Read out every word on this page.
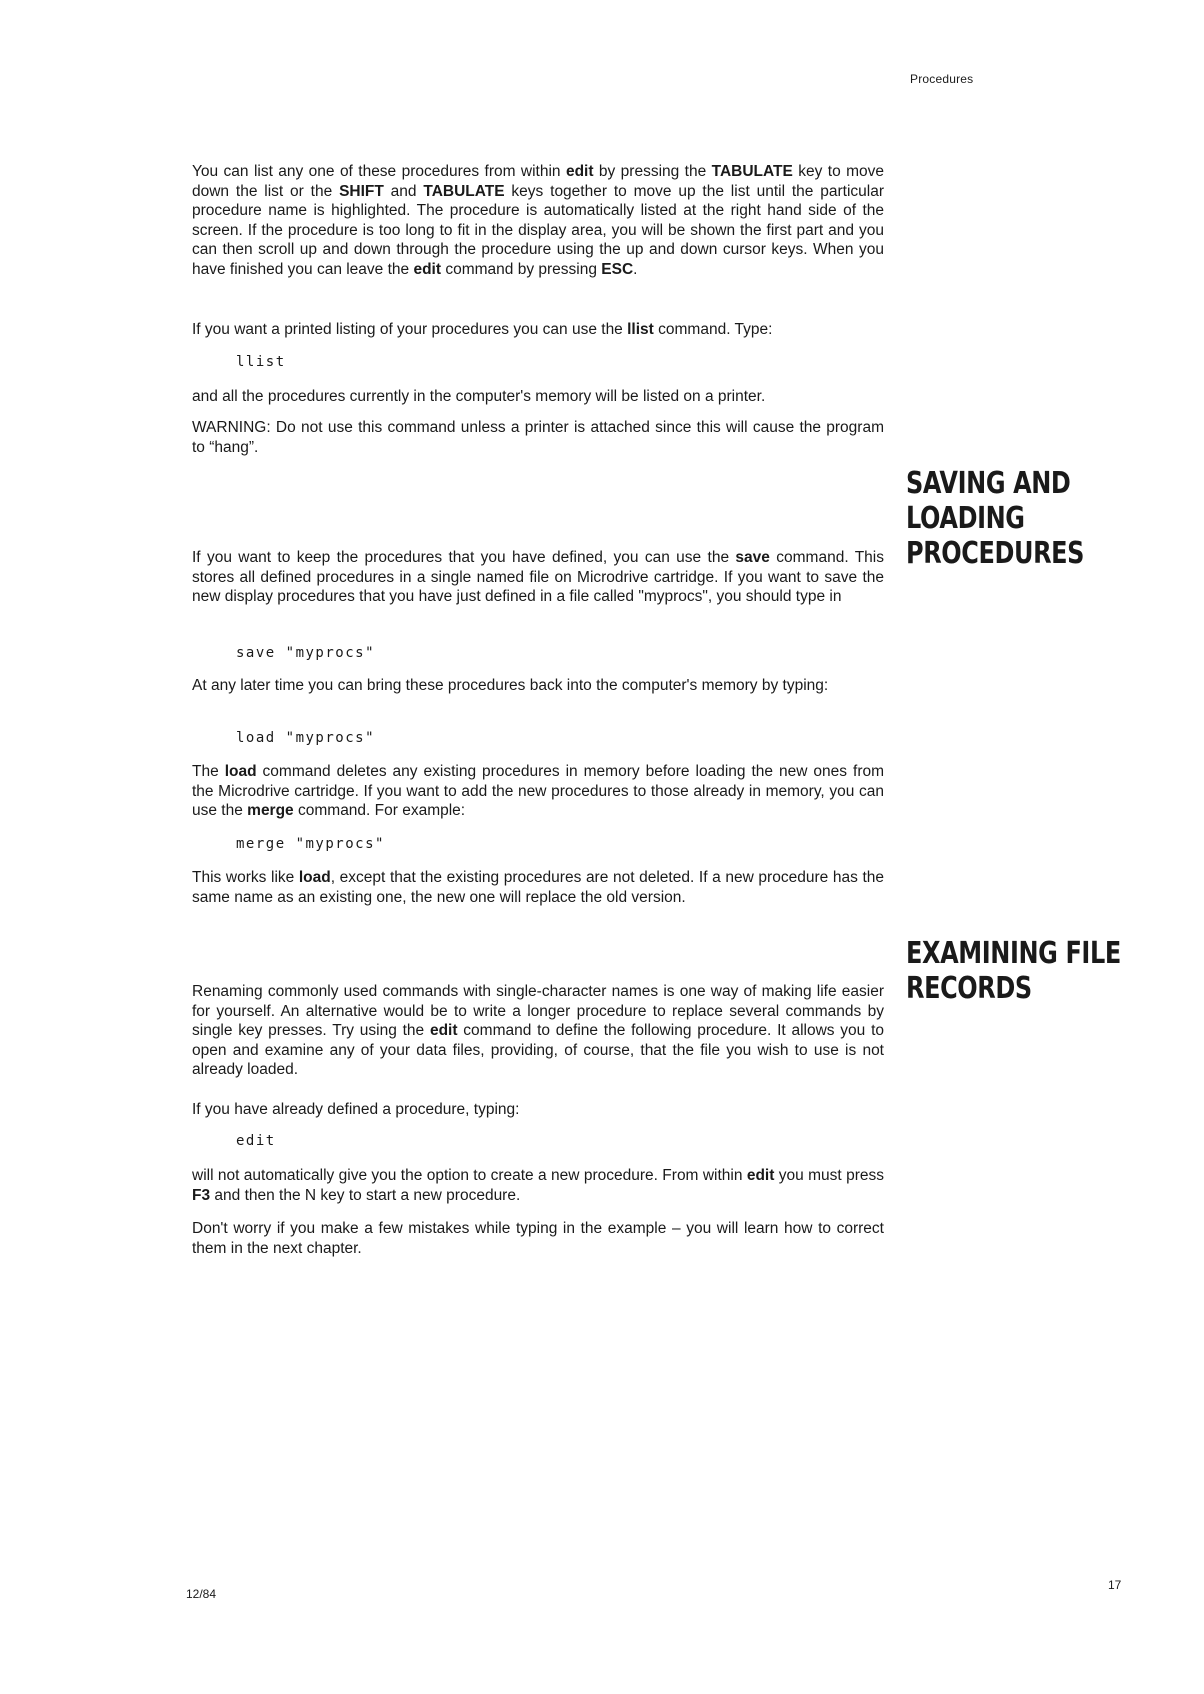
Procedures

You can list any one of these procedures from within edit by pressing the TABULATE key to move down the list or the SHIFT and TABULATE keys together to move up the list until the particular procedure name is highlighted. The procedure is automatically listed at the right hand side of the screen. If the procedure is too long to fit in the display area, you will be shown the first part and you can then scroll up and down through the procedure using the up and down cursor keys. When you have finished you can leave the edit command by pressing ESC.

If you want a printed listing of your procedures you can use the llist command. Type:

llist

and all the procedures currently in the computer's memory will be listed on a printer.

WARNING: Do not use this command unless a printer is attached since this will cause the program to “hang”.

SAVING AND
LOADING
PROCEDURES

If you want to keep the procedures that you have defined, you can use the save command. This stores all defined procedures in a single named file on Microdrive cartridge. If you want to save the new display procedures that you have just defined in a file called "myprocs", you should type in

save "myprocs"

At any later time you can bring these procedures back into the computer's memory by typing:

load "myprocs"

The load command deletes any existing procedures in memory before loading the new ones from the Microdrive cartridge. If you want to add the new procedures to those already in memory, you can use the merge command. For example:

merge "myprocs"

This works like load, except that the existing procedures are not deleted. If a new procedure has the same name as an existing one, the new one will replace the old version.

EXAMINING FILE
RECORDS

Renaming commonly used commands with single-character names is one way of making life easier for yourself. An alternative would be to write a longer procedure to replace several commands by single key presses. Try using the edit command to define the following procedure. It allows you to open and examine any of your data files, providing, of course, that the file you wish to use is not already loaded.

If you have already defined a procedure, typing:

edit

will not automatically give you the option to create a new procedure. From within edit you must press F3 and then the N key to start a new procedure.

Don't worry if you make a few mistakes while typing in the example – you will learn how to correct them in the next chapter.

12/84
17
